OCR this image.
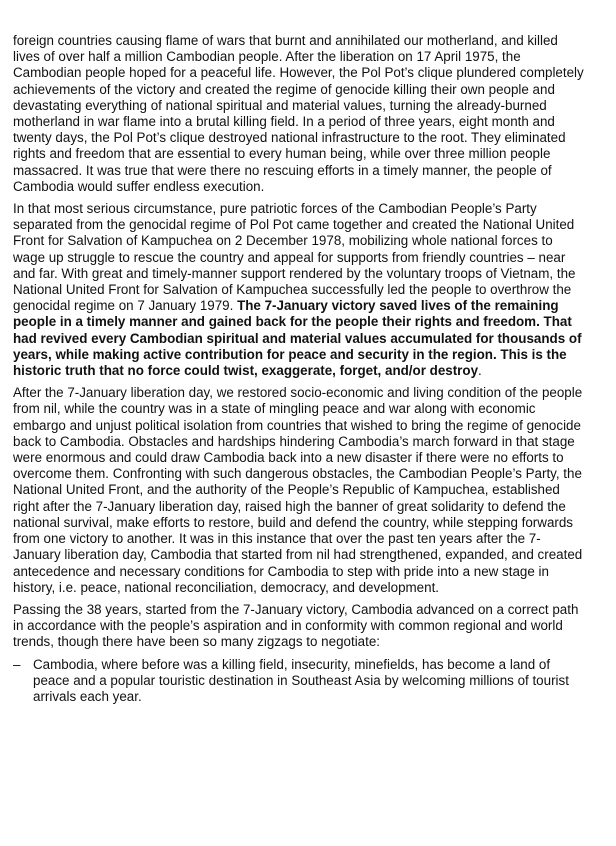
foreign countries causing flame of wars that burnt and annihilated our motherland, and killed lives of over half a million Cambodian people. After the liberation on 17 April 1975, the Cambodian people hoped for a peaceful life. However, the Pol Pot’s clique plundered completely achievements of the victory and created the regime of genocide killing their own people and devastating everything of national spiritual and material values, turning the already-burned motherland in war flame into a brutal killing field. In a period of three years, eight month and twenty days, the Pol Pot’s clique destroyed national infrastructure to the root. They eliminated rights and freedom that are essential to every human being, while over three million people massacred. It was true that were there no rescuing efforts in a timely manner, the people of Cambodia would suffer endless execution.

In that most serious circumstance, pure patriotic forces of the Cambodian People’s Party separated from the genocidal regime of Pol Pot came together and created the National United Front for Salvation of Kampuchea on 2 December 1978, mobilizing whole national forces to wage up struggle to rescue the country and appeal for supports from friendly countries – near and far. With great and timely-manner support rendered by the voluntary troops of Vietnam, the National United Front for Salvation of Kampuchea successfully led the people to overthrow the genocidal regime on 7 January 1979. The 7-January victory saved lives of the remaining people in a timely manner and gained back for the people their rights and freedom. That had revived every Cambodian spiritual and material values accumulated for thousands of years, while making active contribution for peace and security in the region. This is the historic truth that no force could twist, exaggerate, forget, and/or destroy.

After the 7-January liberation day, we restored socio-economic and living condition of the people from nil, while the country was in a state of mingling peace and war along with economic embargo and unjust political isolation from countries that wished to bring the regime of genocide back to Cambodia. Obstacles and hardships hindering Cambodia’s march forward in that stage were enormous and could draw Cambodia back into a new disaster if there were no efforts to overcome them. Confronting with such dangerous obstacles, the Cambodian People’s Party, the National United Front, and the authority of the People’s Republic of Kampuchea, established right after the 7-January liberation day, raised high the banner of great solidarity to defend the national survival, make efforts to restore, build and defend the country, while stepping forwards from one victory to another. It was in this instance that over the past ten years after the 7-January liberation day, Cambodia that started from nil had strengthened, expanded, and created antecedence and necessary conditions for Cambodia to step with pride into a new stage in history, i.e. peace, national reconciliation, democracy, and development.

Passing the 38 years, started from the 7-January victory, Cambodia advanced on a correct path in accordance with the people’s aspiration and in conformity with common regional and world trends, though there have been so many zigzags to negotiate:

– Cambodia, where before was a killing field, insecurity, minefields, has become a land of peace and a popular touristic destination in Southeast Asia by welcoming millions of tourist arrivals each year.
